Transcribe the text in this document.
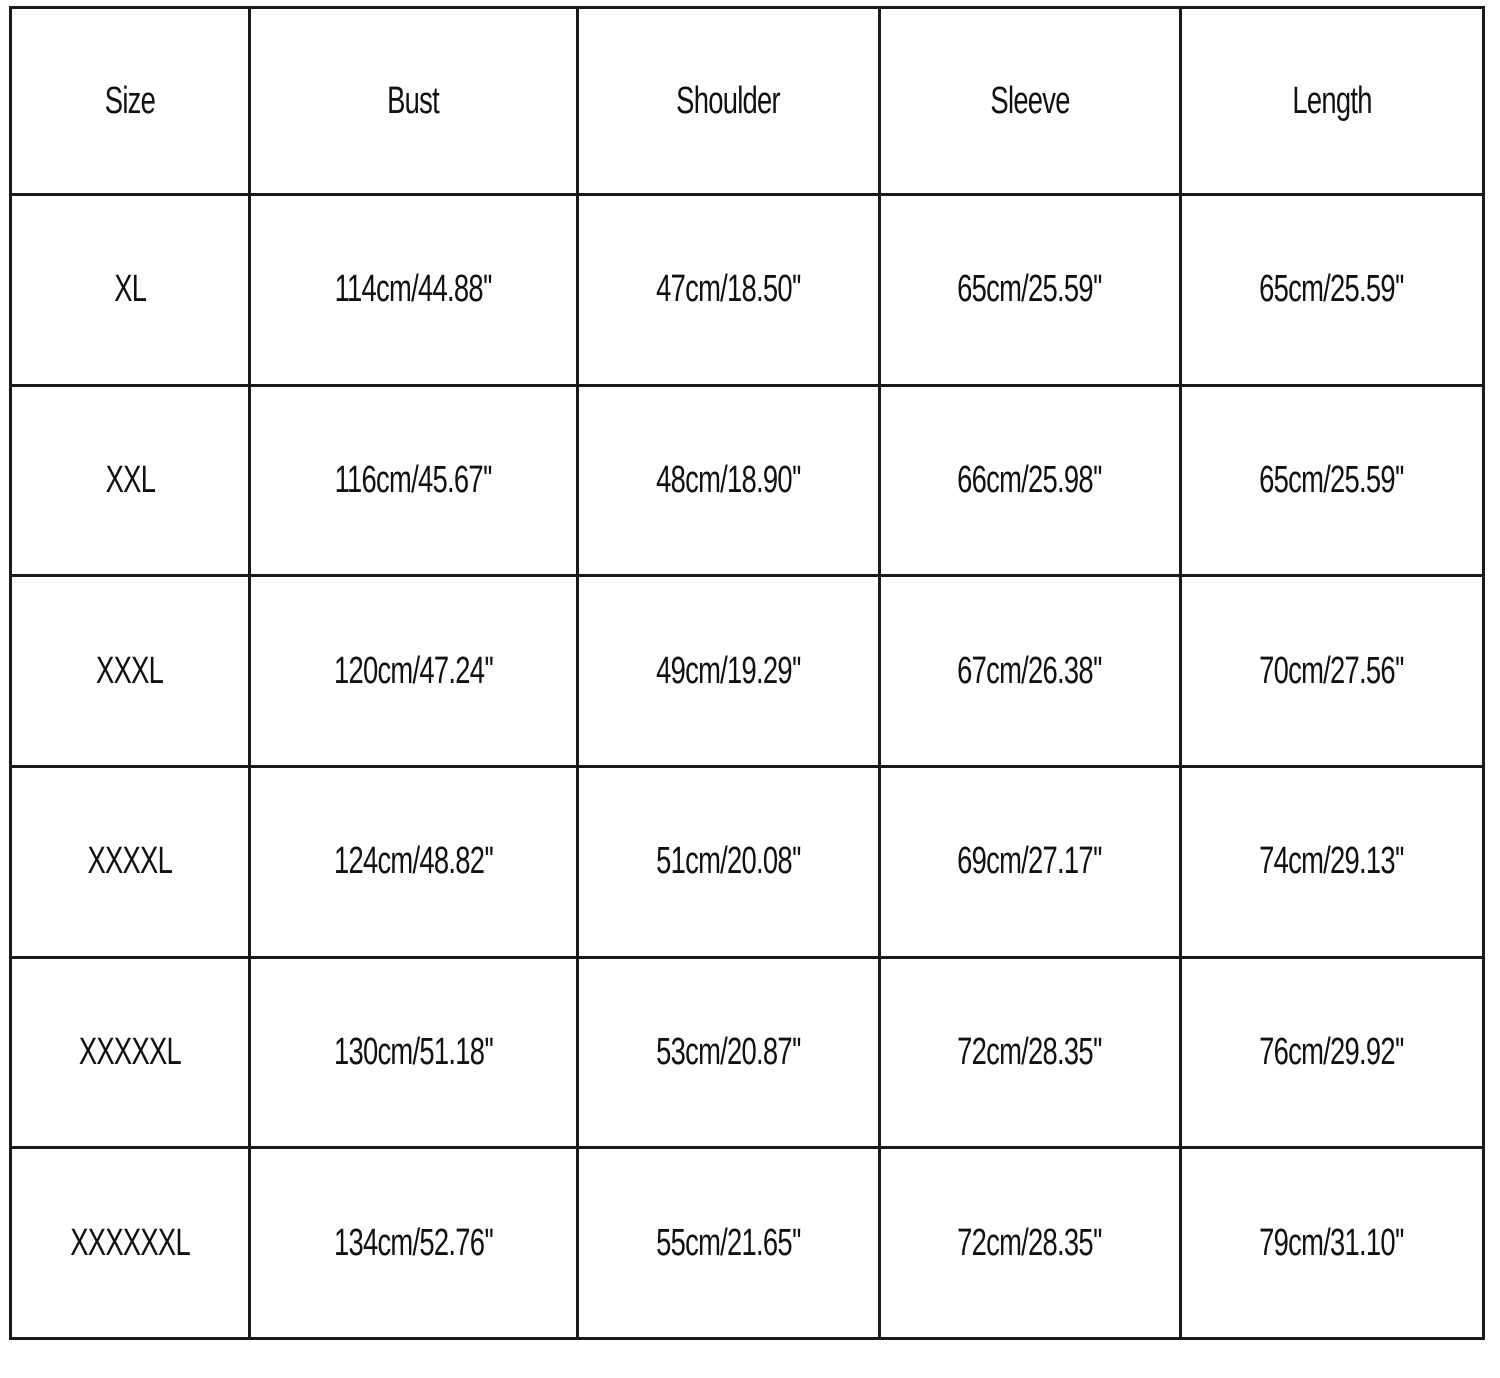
Size	Bust	Shoulder	Sleeve	Length
XL	114cm/44.88''	47cm/18.50''	65cm/25.59''	65cm/25.59''
XXL	116cm/45.67''	48cm/18.90''	66cm/25.98''	65cm/25.59''
XXXL	120cm/47.24''	49cm/19.29''	67cm/26.38''	70cm/27.56''
XXXXL	124cm/48.82''	51cm/20.08''	69cm/27.17''	74cm/29.13''
XXXXXL	130cm/51.18''	53cm/20.87''	72cm/28.35''	76cm/29.92''
XXXXXXL	134cm/52.76''	55cm/21.65''	72cm/28.35''	79cm/31.10''
